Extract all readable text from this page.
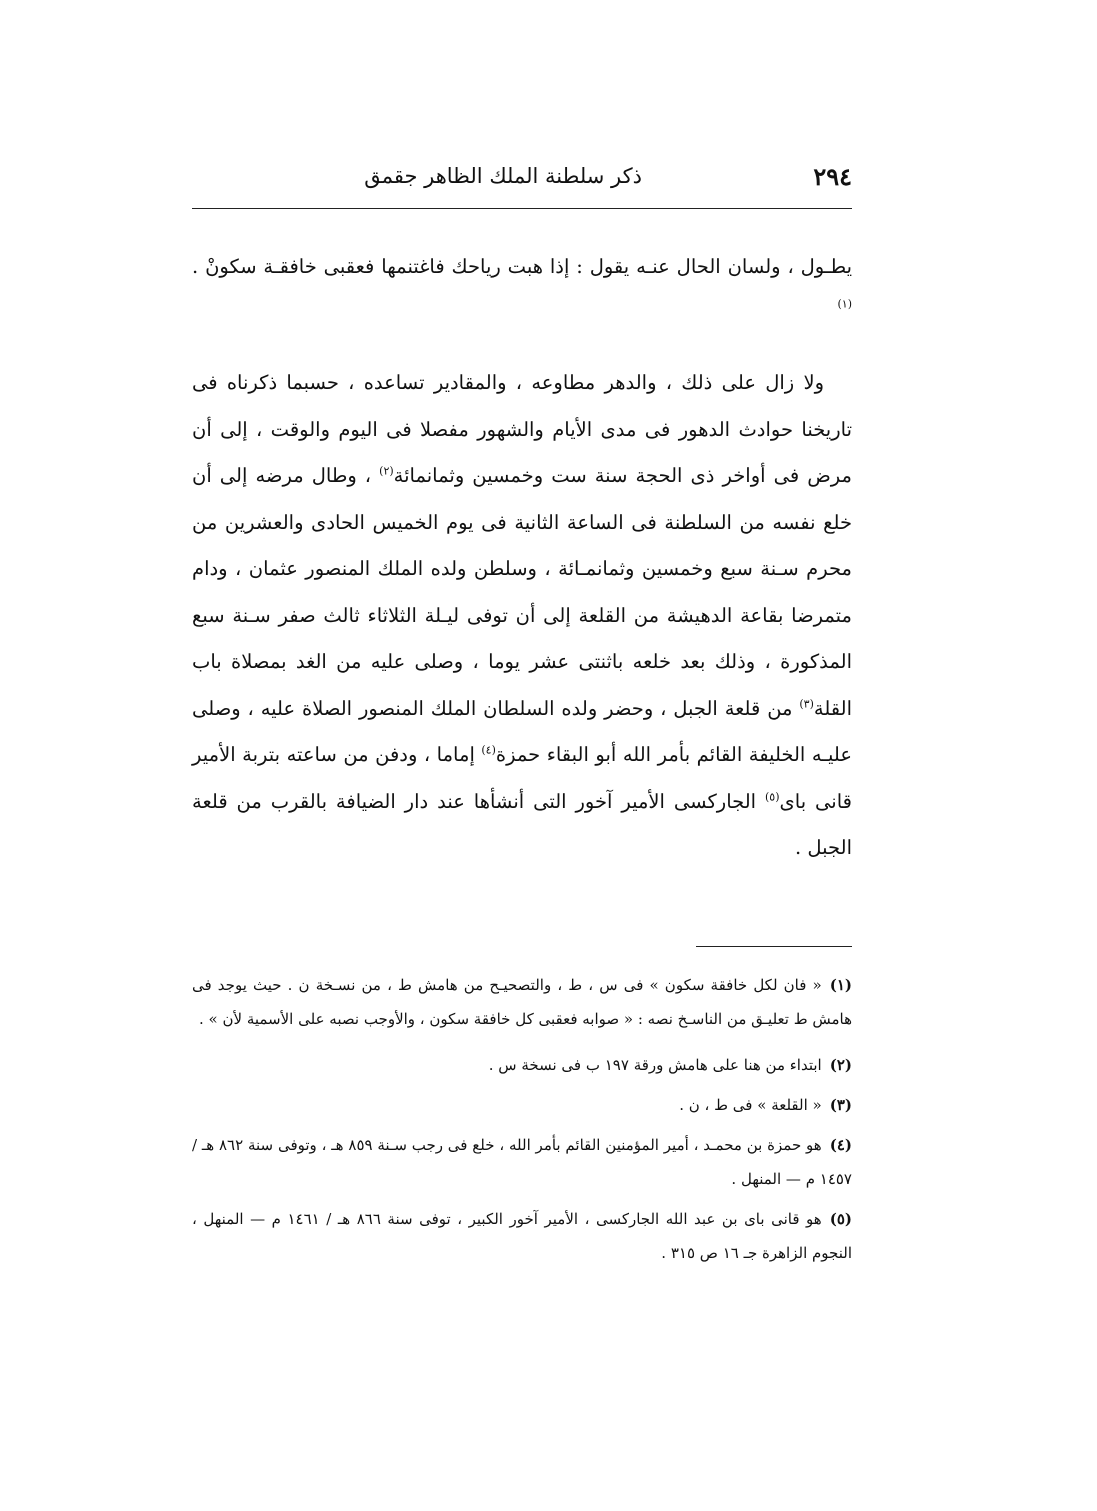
٢٩٤
ذكر سلطنة الملك الظاهر جقمق

يطـول ، ولسان الحال عنـه يقول : إذا هبت رياحك فاغتنمها فعقبى خافقـة سكونْ .$^{(١)}$

ولا زال على ذلك ، والدهر مطاوعه ، والمقادير تساعده ، حسبما ذكرناه فى تاريخنا حوادث الدهور فى مدى الأيام والشهور مفصلا فى اليوم والوقت ، إلى أن مرض فى أواخر ذى الحجة سنة ست وخمسين وثمانمائة$^{(٢)}$ ، وطال مرضه إلى أن خلع نفسه من السلطنة فى الساعة الثانية فى يوم الخميس الحادى والعشرين من محرم سـنة سبع وخمسين وثمانمـائة ، وسلطن ولده الملك المنصور عثمان ، ودام متمرضا بقاعة الدهيشة من القلعة إلى أن توفى ليـلة الثلاثاء ثالث صفر سـنة سبع المذكورة ، وذلك بعد خلعه باثنتى عشر يوما ، وصلى عليه من الغد بمصلاة باب القلة$^{(٣)}$ من قلعة الجبل ، وحضر ولده السلطان الملك المنصور الصلاة عليه ، وصلى عليـه الخليفة القائم بأمر الله أبو البقاء حمزة$^{(٤)}$ إماما ، ودفن من ساعته بتربة الأمير قانى باى$^{(٥)}$ الجاركسى الأمير آخور التى أنشأها عند دار الضيافة بالقرب من قلعة الجبل .

(١)« فان لكل خافقة سكون » فى س ، ط ، والتصحيـح من هامش ط ، من نسـخة ن . حيث يوجد فى هامش ط تعليـق من الناسـخ نصه : « صوابه فعقبى كل خافقة سكون ، والأوجب نصبه على الأسمية لأن » .

(٢)ابتداء من هنا على هامش ورقة ١٩٧ ب فى نسخة س .

(٣)« القلعة » فى ط ، ن .

(٤)هو حمزة بن محمـد ، أمير المؤمنين القائم بأمر الله ، خلع فى رجب سـنة ٨٥٩ هـ ، وتوفى سنة ٨٦٢ هـ / ١٤٥٧ م — المنهل .

(٥)هو قانى باى بن عبد الله الجاركسى ، الأمير آخور الكبير ، توفى سنة ٨٦٦ هـ / ١٤٦١ م — المنهل ، النجوم الزاهرة جـ ١٦ ص ٣١٥ .
